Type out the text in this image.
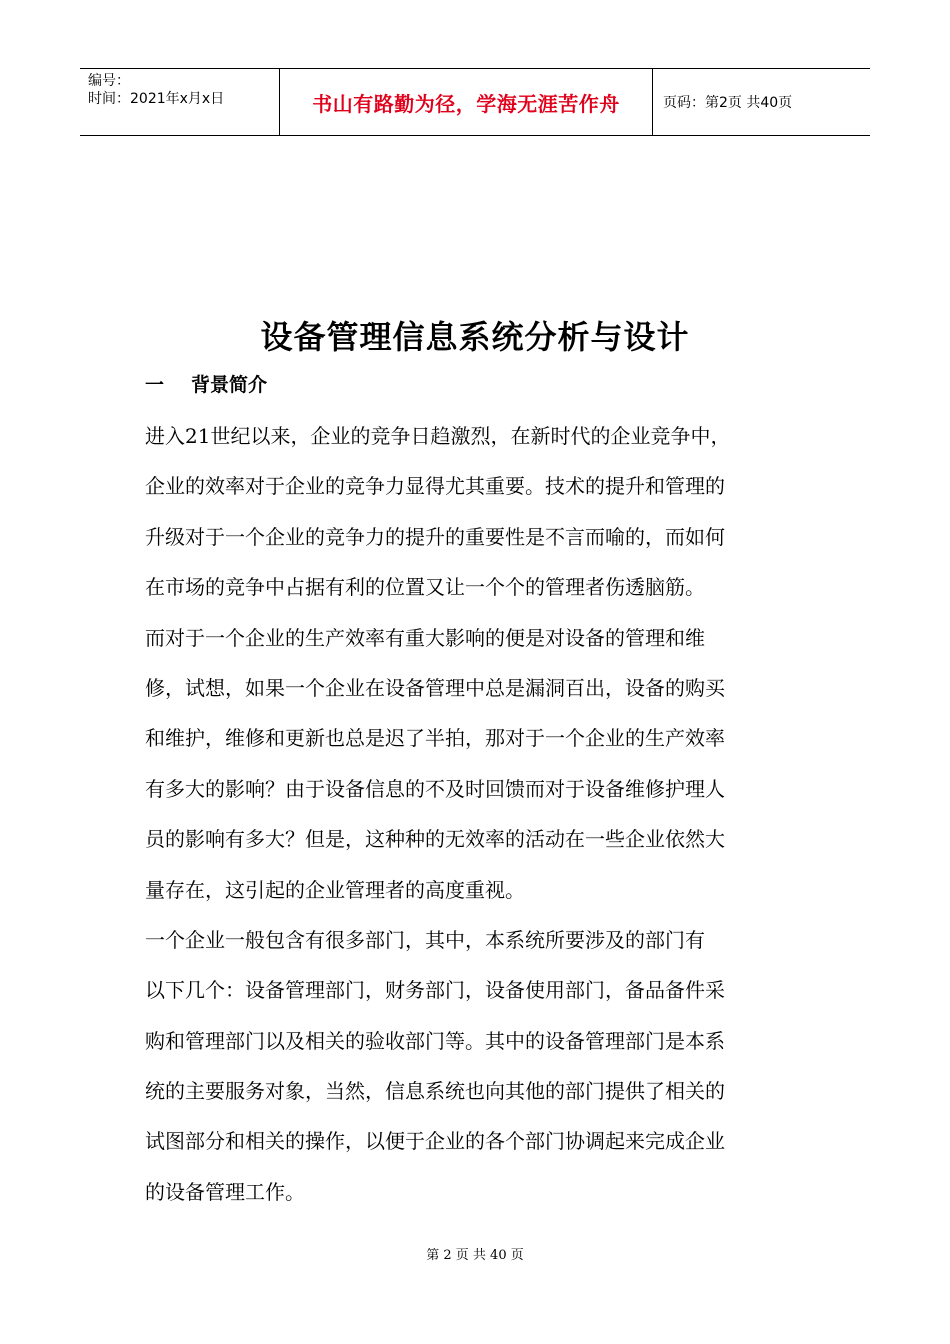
编号：
时间：2021年x月x日	书山有路勤为径，学海无涯苦作舟	页码：第2页 共40页
设备管理信息系统分析与设计
一 背景简介
进入21世纪以来，企业的竞争日趋激烈，在新时代的企业竞争中，
企业的效率对于企业的竞争力显得尤其重要。技术的提升和管理的
升级对于一个企业的竞争力的提升的重要性是不言而喻的，而如何
在市场的竞争中占据有利的位置又让一个个的管理者伤透脑筋。
而对于一个企业的生产效率有重大影响的便是对设备的管理和维
修，试想，如果一个企业在设备管理中总是漏洞百出，设备的购买
和维护，维修和更新也总是迟了半拍，那对于一个企业的生产效率
有多大的影响？由于设备信息的不及时回馈而对于设备维修护理人
员的影响有多大？但是，这种种的无效率的活动在一些企业依然大
量存在，这引起的企业管理者的高度重视。
一个企业一般包含有很多部门，其中，本系统所要涉及的部门有
以下几个：设备管理部门，财务部门，设备使用部门，备品备件采
购和管理部门以及相关的验收部门等。其中的设备管理部门是本系
统的主要服务对象，当然，信息系统也向其他的部门提供了相关的
试图部分和相关的操作，以便于企业的各个部门协调起来完成企业
的设备管理工作。
第 2 页 共 40 页
